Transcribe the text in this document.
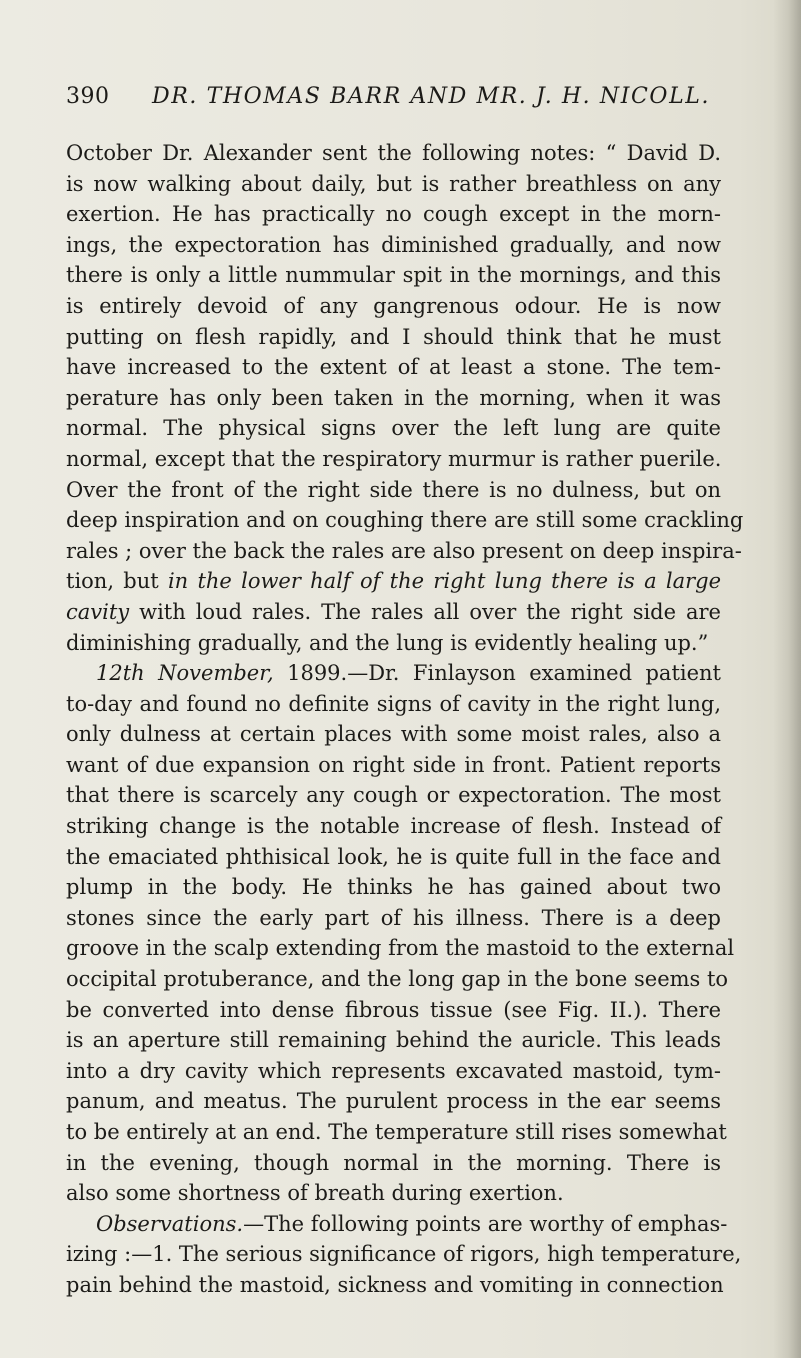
390 DR. THOMAS BARR AND MR. J. H. NICOLL.
October Dr. Alexander sent the following notes: “ David D.
is now walking about daily, but is rather breathless on any
exertion. He has practically no cough except in the morn-
ings, the expectoration has diminished gradually, and now
there is only a little nummular spit in the mornings, and this
is entirely devoid of any gangrenous odour. He is now
putting on flesh rapidly, and I should think that he must
have increased to the extent of at least a stone. The tem-
perature has only been taken in the morning, when it was
normal. The physical signs over the left lung are quite
normal, except that the respiratory murmur is rather puerile.
Over the front of the right side there is no dulness, but on
deep inspiration and on coughing there are still some crackling
rales ; over the back the rales are also present on deep inspira-
tion, but in the lower half of the right lung there is a large
cavity with loud rales. The rales all over the right side are
diminishing gradually, and the lung is evidently healing up.”
12th November, 1899.—Dr. Finlayson examined patient
to-day and found no definite signs of cavity in the right lung,
only dulness at certain places with some moist rales, also a
want of due expansion on right side in front. Patient reports
that there is scarcely any cough or expectoration. The most
striking change is the notable increase of flesh. Instead of
the emaciated phthisical look, he is quite full in the face and
plump in the body. He thinks he has gained about two
stones since the early part of his illness. There is a deep
groove in the scalp extending from the mastoid to the external
occipital protuberance, and the long gap in the bone seems to
be converted into dense fibrous tissue (see Fig. II.). There
is an aperture still remaining behind the auricle. This leads
into a dry cavity which represents excavated mastoid, tym-
panum, and meatus. The purulent process in the ear seems
to be entirely at an end. The temperature still rises somewhat
in the evening, though normal in the morning. There is
also some shortness of breath during exertion.
Observations.—The following points are worthy of emphas-
izing :—1. The serious significance of rigors, high temperature,
pain behind the mastoid, sickness and vomiting in connection
